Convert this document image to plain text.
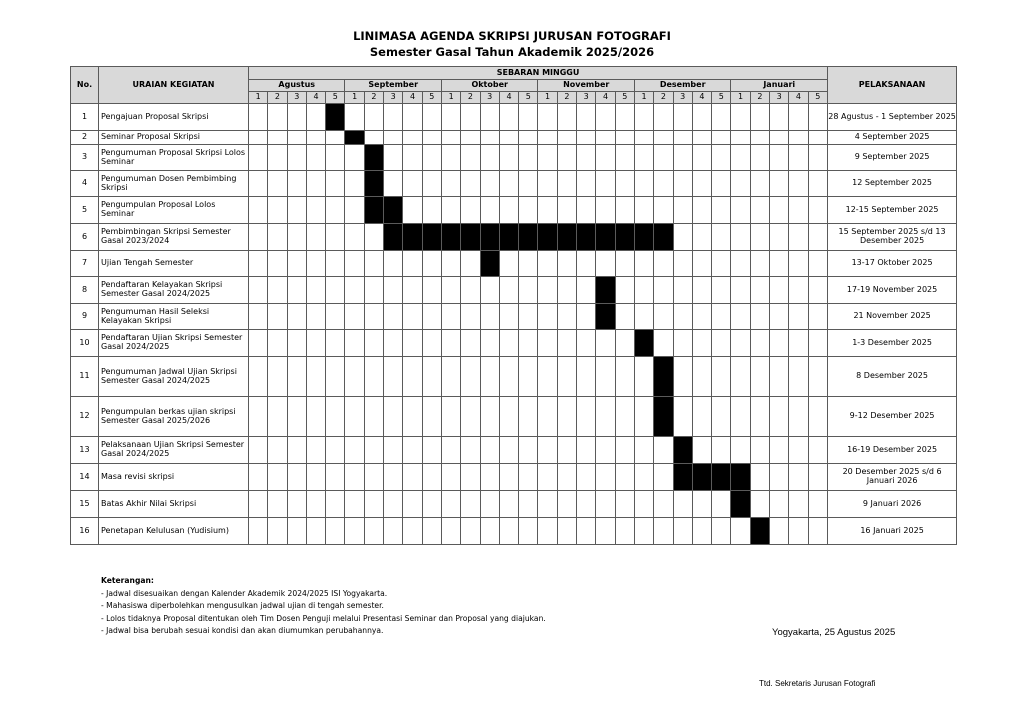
LINIMASA AGENDA SKRIPSI JURUSAN FOTOGRAFI
Semester Gasal Tahun Akademik 2025/2026
No.	URAIAN KEGIATAN	SEBARAN MINGGU																														PELAKSANAAN
		Agustus					September					Oktober					November					Desember					Januari					
		1	2	3	4	5	1	2	3	4	5	1	2	3	4	5	1	2	3	4	5	1	2	3	4	5	1	2	3	4	5	
1	Pengajuan Proposal Skripsi																															28 Agustus - 1 September 2025
2	Seminar Proposal Skripsi																															4 September 2025
3	Pengumuman Proposal Skripsi Lolos Seminar																															9 September 2025
4	Pengumuman Dosen Pembimbing Skripsi																															12 September 2025
5	Pengumpulan Proposal Lolos Seminar																															12-15 September 2025
6	Pembimbingan Skripsi Semester Gasal 2023/2024																															15 September 2025 s/d 13 Desember 2025
7	Ujian Tengah Semester																															13-17 Oktober 2025
8	Pendaftaran Kelayakan Skripsi Semester Gasal 2024/2025																															17-19 November 2025
9	Pengumuman Hasil Seleksi Kelayakan Skripsi																															21 November 2025
10	Pendaftaran Ujian Skripsi Semester Gasal 2024/2025																															1-3 Desember 2025
11	Pengumuman Jadwal Ujian Skripsi Semester Gasal 2024/2025																															8 Desember 2025
12	Pengumpulan berkas ujian skripsi Semester Gasal 2025/2026																															9-12 Desember 2025
13	Pelaksanaan Ujian Skripsi Semester Gasal 2024/2025																															16-19 Desember 2025
14	Masa revisi skripsi																															20 Desember 2025 s/d 6 Januari 2026
15	Batas Akhir Nilai Skripsi																															9 Januari 2026
16	Penetapan Kelulusan (Yudisium)																															16 Januari 2025
Keterangan:
- Jadwal disesuaikan dengan Kalender Akademik 2024/2025 ISI Yogyakarta.
- Mahasiswa diperbolehkan mengusulkan jadwal ujian di tengah semester.
- Lolos tidaknya Proposal ditentukan oleh Tim Dosen Penguji melalui Presentasi Seminar dan Proposal yang diajukan.
- Jadwal bisa berubah sesuai kondisi dan akan diumumkan perubahannya.	Yogyakarta, 25 Agustus 2025
Ttd. Sekretaris Jurusan Fotografi
